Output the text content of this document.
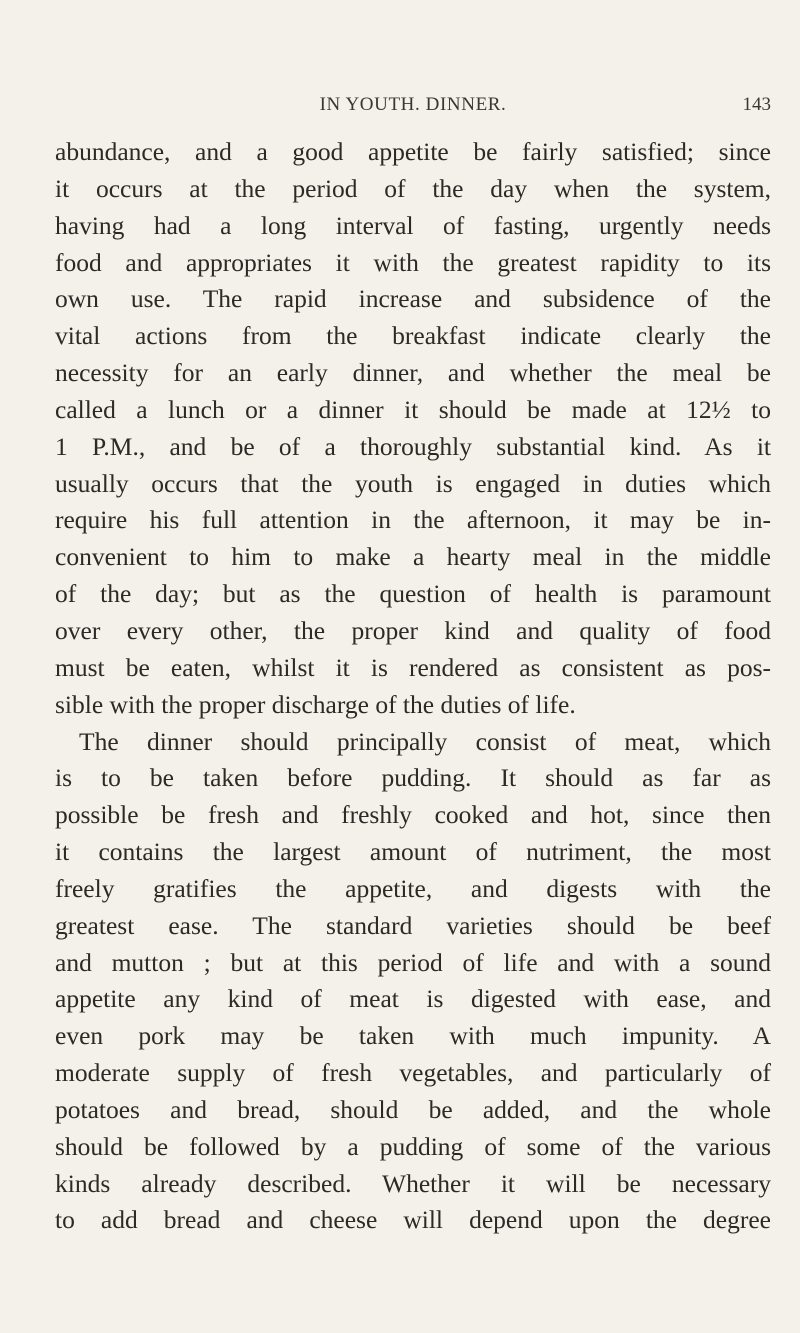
IN YOUTH. DINNER.	143
abundance, and a good appetite be fairly satisfied; since
it occurs at the period of the day when the system,
having had a long interval of fasting, urgently needs
food and appropriates it with the greatest rapidity to its
own use. The rapid increase and subsidence of the
vital actions from the breakfast indicate clearly the
necessity for an early dinner, and whether the meal be
called a lunch or a dinner it should be made at 12½ to
1 P.M., and be of a thoroughly substantial kind. As it
usually occurs that the youth is engaged in duties which
require his full attention in the afternoon, it may be in-
convenient to him to make a hearty meal in the middle
of the day; but as the question of health is paramount
over every other, the proper kind and quality of food
must be eaten, whilst it is rendered as consistent as pos-
sible with the proper discharge of the duties of life.
The dinner should principally consist of meat, which
is to be taken before pudding. It should as far as
possible be fresh and freshly cooked and hot, since then
it contains the largest amount of nutriment, the most
freely gratifies the appetite, and digests with the
greatest ease. The standard varieties should be beef
and mutton ; but at this period of life and with a sound
appetite any kind of meat is digested with ease, and
even pork may be taken with much impunity. A
moderate supply of fresh vegetables, and particularly of
potatoes and bread, should be added, and the whole
should be followed by a pudding of some of the various
kinds already described. Whether it will be necessary
to add bread and cheese will depend upon the degree
